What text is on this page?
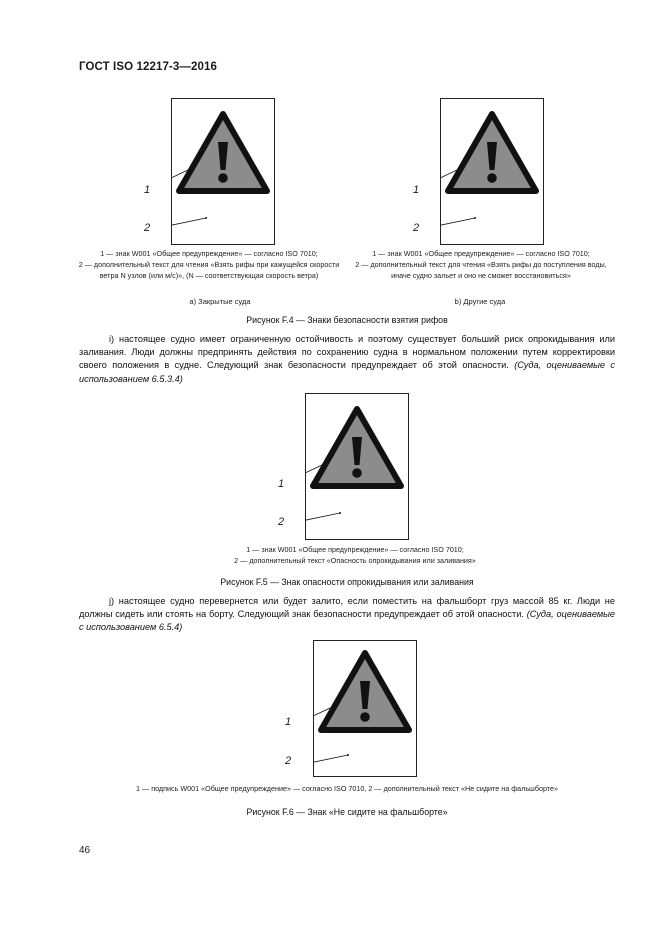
ГОСТ ISO 12217-3—2016
1
2
1 — знак W001 «Общее предупреждение» — согласно ISO 7010;
2 — дополнительный текст для чтения «Взять рифы при кажущейся скорости ветра N узлов (или м/с)», (N — соответствующая скорость ветра)
a) Закрытые суда
1
2
1 — знак W001 «Общее предупреждение» — согласно ISO 7010;
2 — дополнительный текст для чтения «Взять рифы до поступления воды, иначе судно зальет и оно не сможет восстановиться»
b) Другие суда
Рисунок F.4 — Знаки безопасности взятия рифов
i) настоящее судно имеет ограниченную остойчивость и поэтому существует больший риск опрокидывания или заливания. Люди должны предпринять действия по сохранению судна в нормальном положении путем корректировки своего положения в судне. Следующий знак безопасности предупреждает об этой опасности. (Суда, оцениваемые с использованием 6.5.3.4)
1
2
1 — знак W001 «Общее предупреждение» — согласно ISO 7010;
2 — дополнительный текст «Опасность опрокидывания или заливания»
Рисунок F.5 — Знак опасности опрокидывания или заливания
j) настоящее судно перевернется или будет залито, если поместить на фальшборт груз массой 85 кг. Люди не должны сидеть или стоять на борту. Следующий знак безопасности предупреждает об этой опасности. (Суда, оцениваемые с использованием 6.5.4)
1
2
1 — подпись W001 «Общее предупреждение» — согласно ISO 7010, 2 — дополнительный текст «Не сидите на фальшборте»
Рисунок F.6 — Знак «Не сидите на фальшборте»
46
